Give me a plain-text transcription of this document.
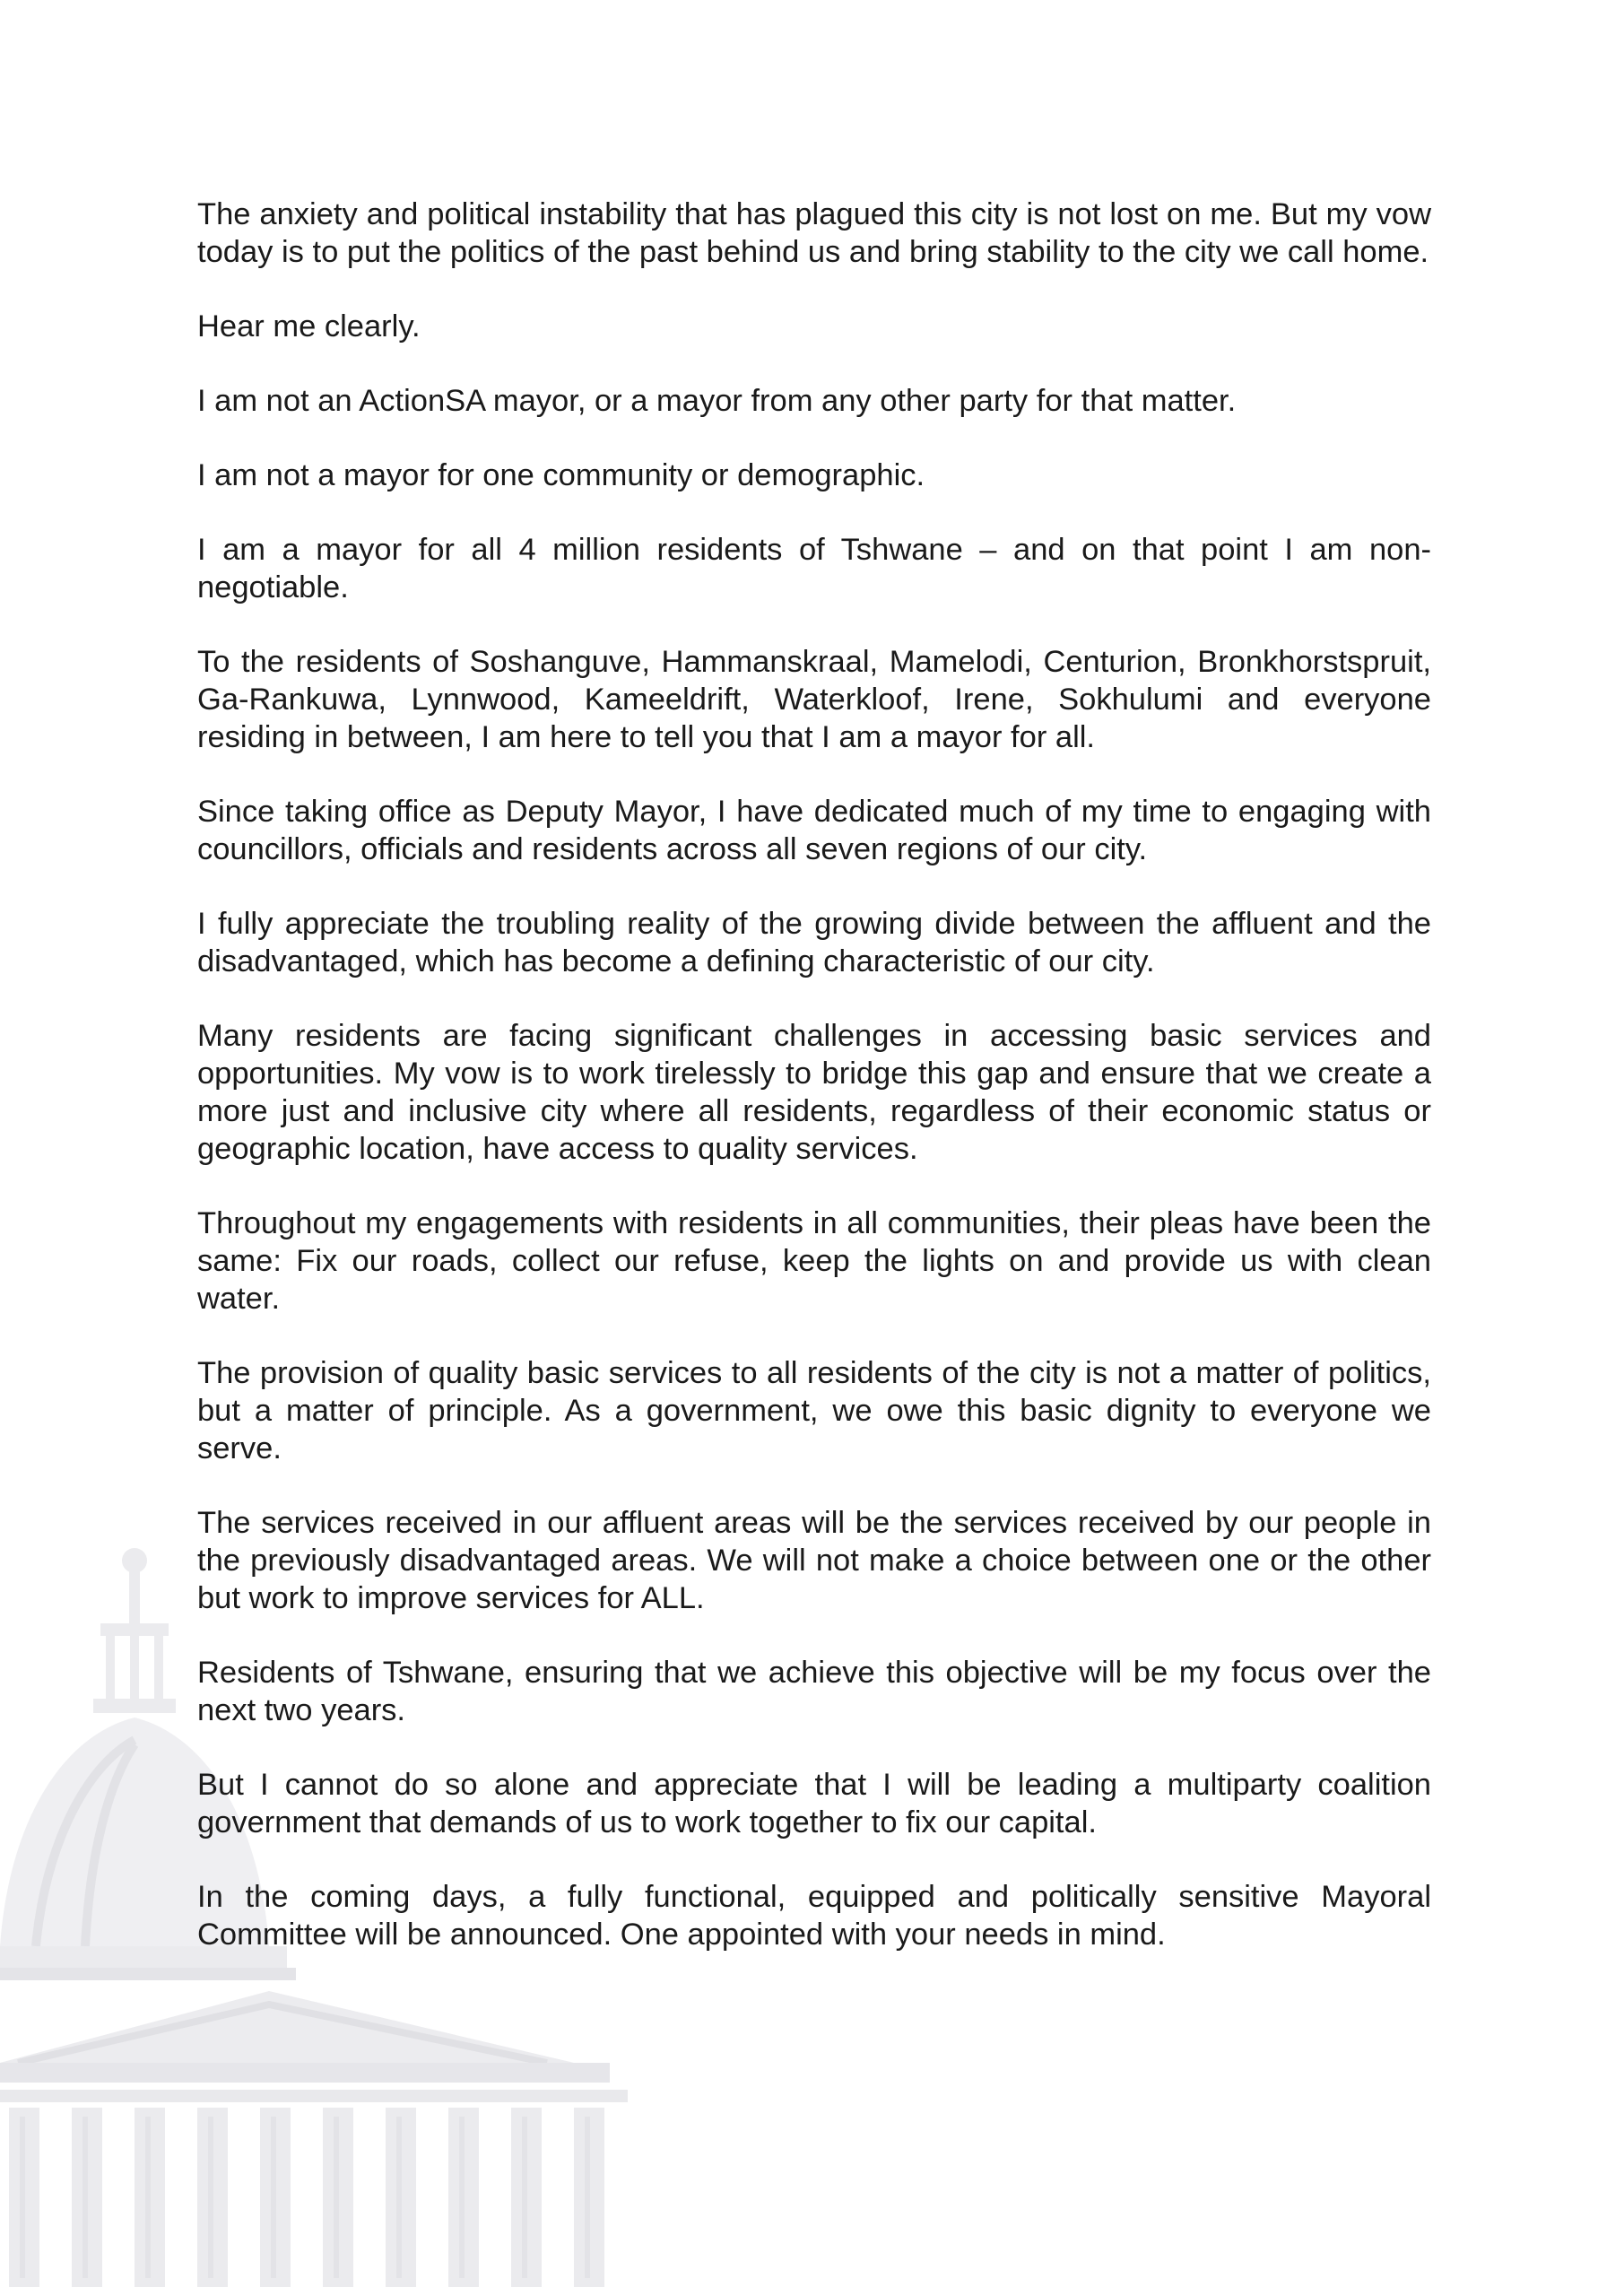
The anxiety and political instability that has plagued this city is not lost on me. But my vow today is to put the politics of the past behind us and bring stability to the city we call home.

Hear me clearly.

I am not an ActionSA mayor, or a mayor from any other party for that matter.

I am not a mayor for one community or demographic.

I am a mayor for all 4 million residents of Tshwane – and on that point I am non-negotiable.

To the residents of Soshanguve, Hammanskraal, Mamelodi, Centurion, Bronkhorstspruit, Ga-Rankuwa, Lynnwood, Kameeldrift, Waterkloof, Irene, Sokhulumi and everyone residing in between, I am here to tell you that I am a mayor for all.

Since taking office as Deputy Mayor, I have dedicated much of my time to engaging with councillors, officials and residents across all seven regions of our city.

I fully appreciate the troubling reality of the growing divide between the affluent and the disadvantaged, which has become a defining characteristic of our city.

Many residents are facing significant challenges in accessing basic services and opportunities. My vow is to work tirelessly to bridge this gap and ensure that we create a more just and inclusive city where all residents, regardless of their economic status or geographic location, have access to quality services.

Throughout my engagements with residents in all communities, their pleas have been the same: Fix our roads, collect our refuse, keep the lights on and provide us with clean water.

The provision of quality basic services to all residents of the city is not a matter of politics, but a matter of principle. As a government, we owe this basic dignity to everyone we serve.

The services received in our affluent areas will be the services received by our people in the previously disadvantaged areas. We will not make a choice between one or the other but work to improve services for ALL.

Residents of Tshwane, ensuring that we achieve this objective will be my focus over the next two years.

But I cannot do so alone and appreciate that I will be leading a multiparty coalition government that demands of us to work together to fix our capital.

In the coming days, a fully functional, equipped and politically sensitive Mayoral Committee will be announced. One appointed with your needs in mind.
